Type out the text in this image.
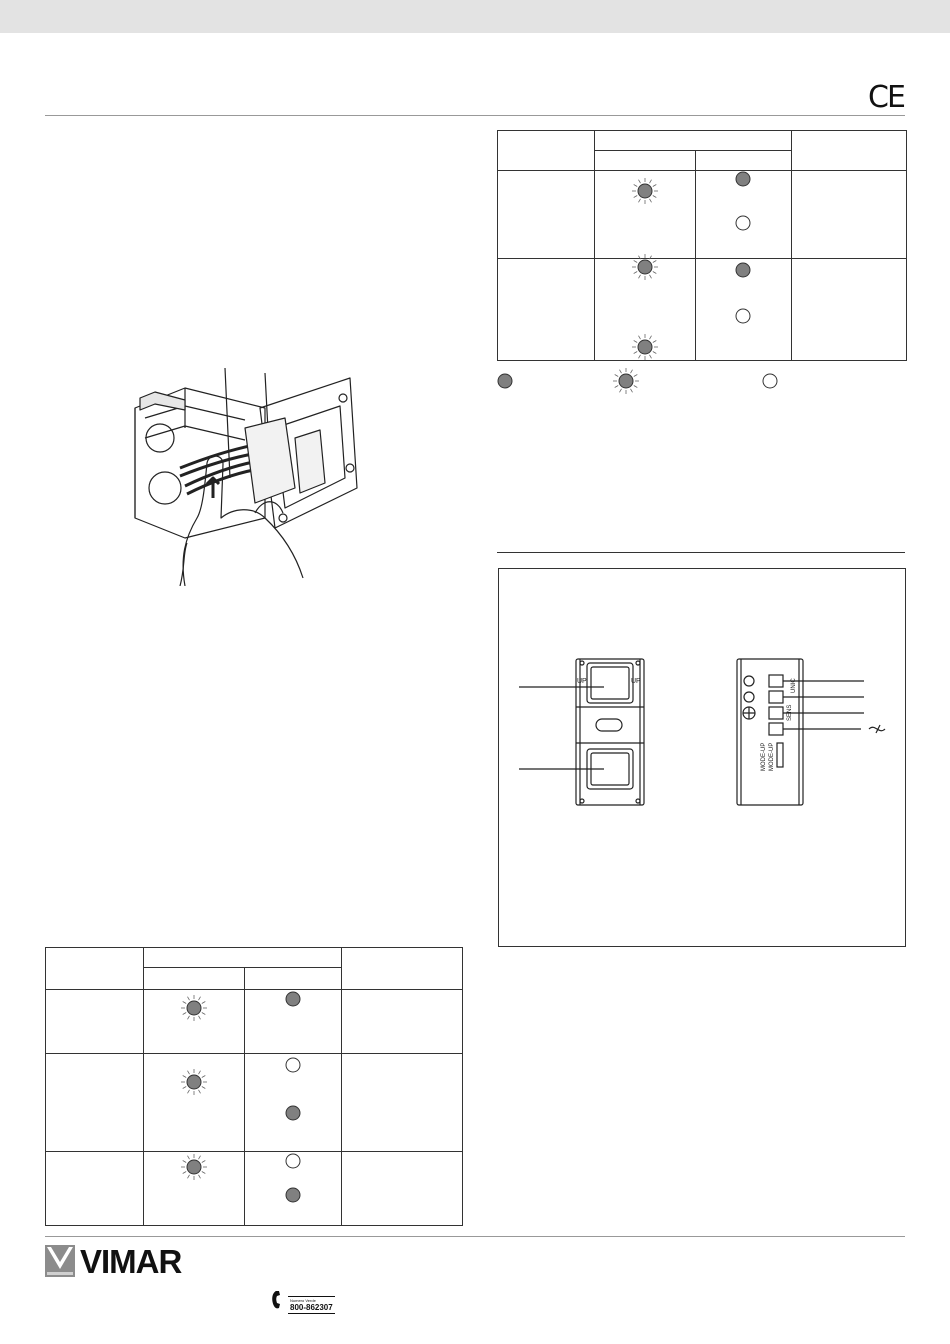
CE

UP	UP
MODE-UP MODE-UP
SENS
UNIC

VIMAR
Numero Verde
800-862307
